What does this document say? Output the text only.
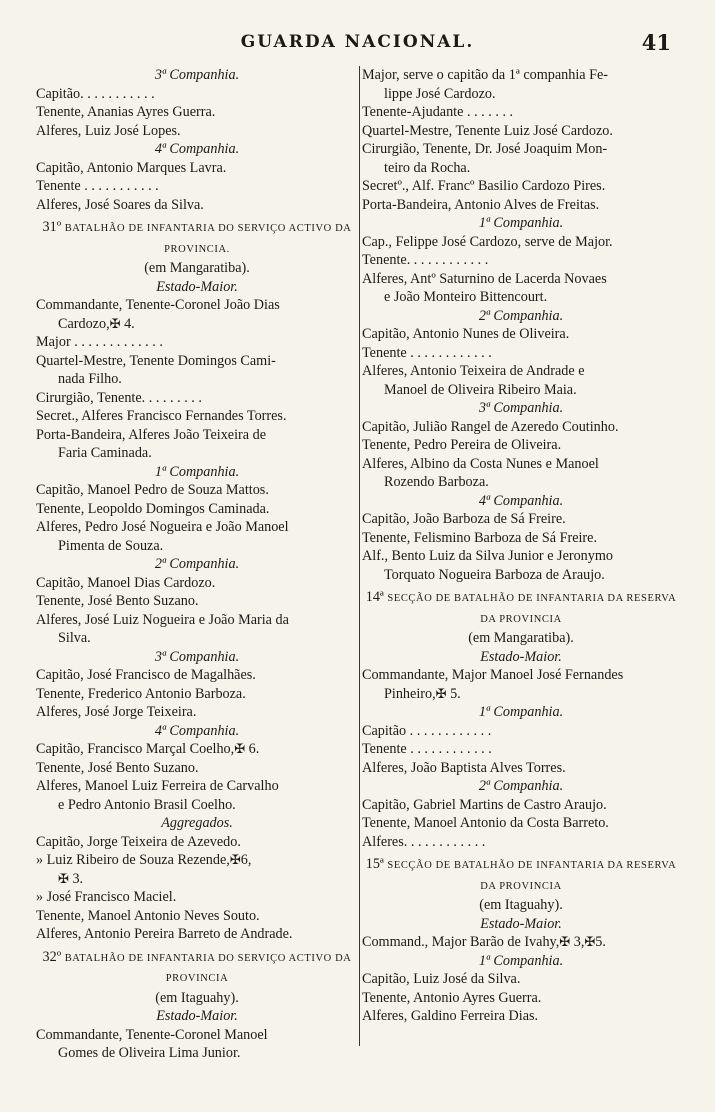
GUARDA NACIONAL.	41
3ª Companhia.
Capitão. . . . . . . . . . .
Tenente, Ananias Ayres Guerra.
Alferes, Luiz José Lopes.
4ª Companhia.
Capitão, Antonio Marques Lavra.
Tenente . . . . . . . . . . .
Alferes, José Soares da Silva.
31º BATALHÃO DE INFANTARIA DO SERVIÇO ACTIVO DA PROVINCIA.
(em Mangaratiba).
Estado-Maior.
Commandante, Tenente-Coronel João Dias
Cardozo,✠ 4.
Major . . . . . . . . . . . . .
Quartel-Mestre, Tenente Domingos Cami-
nada Filho.
Cirurgião, Tenente. . . . . . . . .
Secret., Alferes Francisco Fernandes Torres.
Porta-Bandeira, Alferes João Teixeira de
Faria Caminada.
1ª Companhia.
Capitão, Manoel Pedro de Souza Mattos.
Tenente, Leopoldo Domingos Caminada.
Alferes, Pedro José Nogueira e João Manoel
Pimenta de Souza.
2ª Companhia.
Capitão, Manoel Dias Cardozo.
Tenente, José Bento Suzano.
Alferes, José Luiz Nogueira e João Maria da
Silva.
3ª Companhia.
Capitão, José Francisco de Magalhães.
Tenente, Frederico Antonio Barboza.
Alferes, José Jorge Teixeira.
4ª Companhia.
Capitão, Francisco Marçal Coelho,✠ 6.
Tenente, José Bento Suzano.
Alferes, Manoel Luiz Ferreira de Carvalho
e Pedro Antonio Brasil Coelho.
Aggregados.
Capitão, Jorge Teixeira de Azevedo.
» Luiz Ribeiro de Souza Rezende,✠6,
✠ 3.
» José Francisco Maciel.
Tenente, Manoel Antonio Neves Souto.
Alferes, Antonio Pereira Barreto de Andrade.
32º BATALHÃO DE INFANTARIA DO SERVIÇO ACTIVO DA PROVINCIA
(em Itaguahy).
Estado-Maior.
Commandante, Tenente-Coronel Manoel
Gomes de Oliveira Lima Junior.
Major, serve o capitão da 1ª companhia Fe-
lippe José Cardozo.
Tenente-Ajudante . . . . . . .
Quartel-Mestre, Tenente Luiz José Cardozo.
Cirurgião, Tenente, Dr. José Joaquim Mon-
teiro da Rocha.
Secretº., Alf. Francº Basilio Cardozo Pires.
Porta-Bandeira, Antonio Alves de Freitas.
1ª Companhia.
Cap., Felippe José Cardozo, serve de Major.
Tenente. . . . . . . . . . . .
Alferes, Antº Saturnino de Lacerda Novaes
e João Monteiro Bittencourt.
2ª Companhia.
Capitão, Antonio Nunes de Oliveira.
Tenente . . . . . . . . . . . .
Alferes, Antonio Teixeira de Andrade e
Manoel de Oliveira Ribeiro Maia.
3ª Companhia.
Capitão, Julião Rangel de Azeredo Coutinho.
Tenente, Pedro Pereira de Oliveira.
Alferes, Albino da Costa Nunes e Manoel
Rozendo Barboza.
4ª Companhia.
Capitão, João Barboza de Sá Freire.
Tenente, Felismino Barboza de Sá Freire.
Alf., Bento Luiz da Silva Junior e Jeronymo
Torquato Nogueira Barboza de Araujo.
14ª SECÇÃO DE BATALHÃO DE INFANTARIA DA RESERVA DA PROVINCIA
(em Mangaratiba).
Estado-Maior.
Commandante, Major Manoel José Fernandes
Pinheiro,✠ 5.
1ª Companhia.
Capitão . . . . . . . . . . . .
Tenente . . . . . . . . . . . .
Alferes, João Baptista Alves Torres.
2ª Companhia.
Capitão, Gabriel Martins de Castro Araujo.
Tenente, Manoel Antonio da Costa Barreto.
Alferes. . . . . . . . . . . .
15ª SECÇÃO DE BATALHÃO DE INFANTARIA DA RESERVA DA PROVINCIA
(em Itaguahy).
Estado-Maior.
Command., Major Barão de Ivahy,✠ 3,✠5.
1ª Companhia.
Capitão, Luiz José da Silva.
Tenente, Antonio Ayres Guerra.
Alferes, Galdino Ferreira Dias.
